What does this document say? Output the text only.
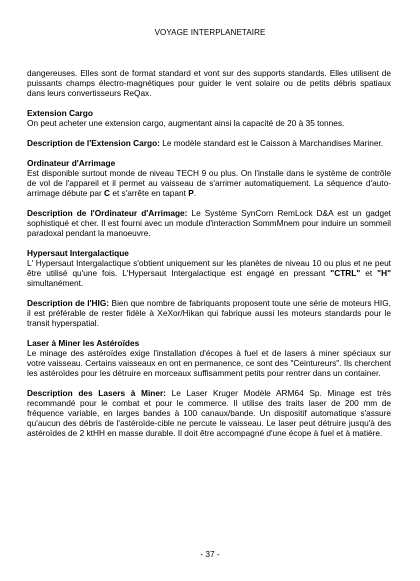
VOYAGE INTERPLANETAIRE

dangereuses. Elles sont de format standard et vont sur des supports standards. Elles utilisent de puissants champs électro-magnétiques pour guider le vent solaire ou de petits débris spatiaux dans leurs convertisseurs ReQax.

Extension Cargo
On peut acheter une extension cargo, augmentant ainsi la capacité de 20 à 35 tonnes.

Description de l'Extension Cargo: Le modèle standard est le Caisson à Marchandises Mariner.

Ordinateur d'Arrimage
Est disponible surtout monde de niveau TECH 9 ou plus. On l'installe dans le système de contrôle de vol de l'appareil et il permet au vaisseau de s'arrimer automatiquement. La séquence d'auto-arrimage débute par C et s'arrête en tapant P.

Description de l'Ordinateur d'Arrimage: Le Système SynCorn RemLock D&A est un gadget sophistiqué et cher. Il est fourni avec un module d'interaction SommMnem pour induire un sommeil paradoxal pendant la manoeuvre.

Hypersaut Intergalactique
L' Hypersaut Intergalactique s'obtient uniquement sur les planètes de niveau 10 ou plus et ne peut être utilisé qu'une fois. L'Hypersaut Intergalactique est engagé en pressant "CTRL" et "H" simultanément.

Description de l'HIG: Bien que nombre de fabriquants proposent toute une série de moteurs HIG, il est préférable de rester fidèle à XeXor/Hikan qui fabrique aussi les moteurs standards pour le transit hyperspatial.

Laser à Miner les Astéroïdes
Le minage des astéroïdes exige l'installation d'écopes à fuel et de lasers à miner spéciaux sur votre vaisseau. Certains vaisseaux en ont en permanence, ce sont des "Ceintureurs". Ils cherchent les astéroïdes pour les détruire en morceaux suffisamment petits pour rentrer dans un container.

Description des Lasers à Miner: Le Laser Kruger Modèle ARM64 Sp. Minage est très recommandé pour le combat et pour le commerce. Il utilise des traits laser de 200 mm de fréquence variable, en larges bandes à 100 canaux/bande. Un dispositif automatique s'assure qu'aucun des débris de l'astéroïde-cible ne percute le vaisseau. Le laser peut détruire jusqu'à des astéroïdes de 2 ktHH en masse durable. Il doit être accompagné d'une écope à fuel et à matière.

- 37 -
